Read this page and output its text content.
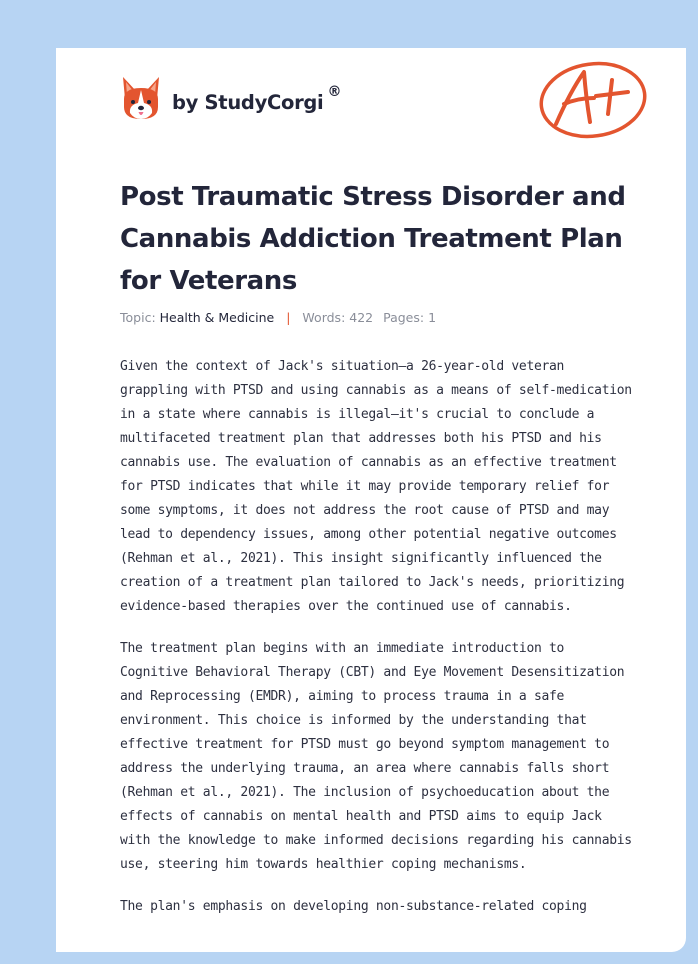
by StudyCorgi ®
Post Traumatic Stress Disorder and Cannabis Addiction Treatment Plan for Veterans
Topic: Health & Medicine | Words: 422 Pages: 1

Given the context of Jack's situation—a 26-year-old veteran grappling with PTSD and using cannabis as a means of self-medication in a state where cannabis is illegal—it's crucial to conclude a multifaceted treatment plan that addresses both his PTSD and his cannabis use. The evaluation of cannabis as an effective treatment for PTSD indicates that while it may provide temporary relief for some symptoms, it does not address the root cause of PTSD and may lead to dependency issues, among other potential negative outcomes (Rehman et al., 2021). This insight significantly influenced the creation of a treatment plan tailored to Jack's needs, prioritizing evidence-based therapies over the continued use of cannabis.

The treatment plan begins with an immediate introduction to Cognitive Behavioral Therapy (CBT) and Eye Movement Desensitization and Reprocessing (EMDR), aiming to process trauma in a safe environment. This choice is informed by the understanding that effective treatment for PTSD must go beyond symptom management to address the underlying trauma, an area where cannabis falls short (Rehman et al., 2021). The inclusion of psychoeducation about the effects of cannabis on mental health and PTSD aims to equip Jack with the knowledge to make informed decisions regarding his cannabis use, steering him towards healthier coping mechanisms.

The plan's emphasis on developing non-substance-related coping
